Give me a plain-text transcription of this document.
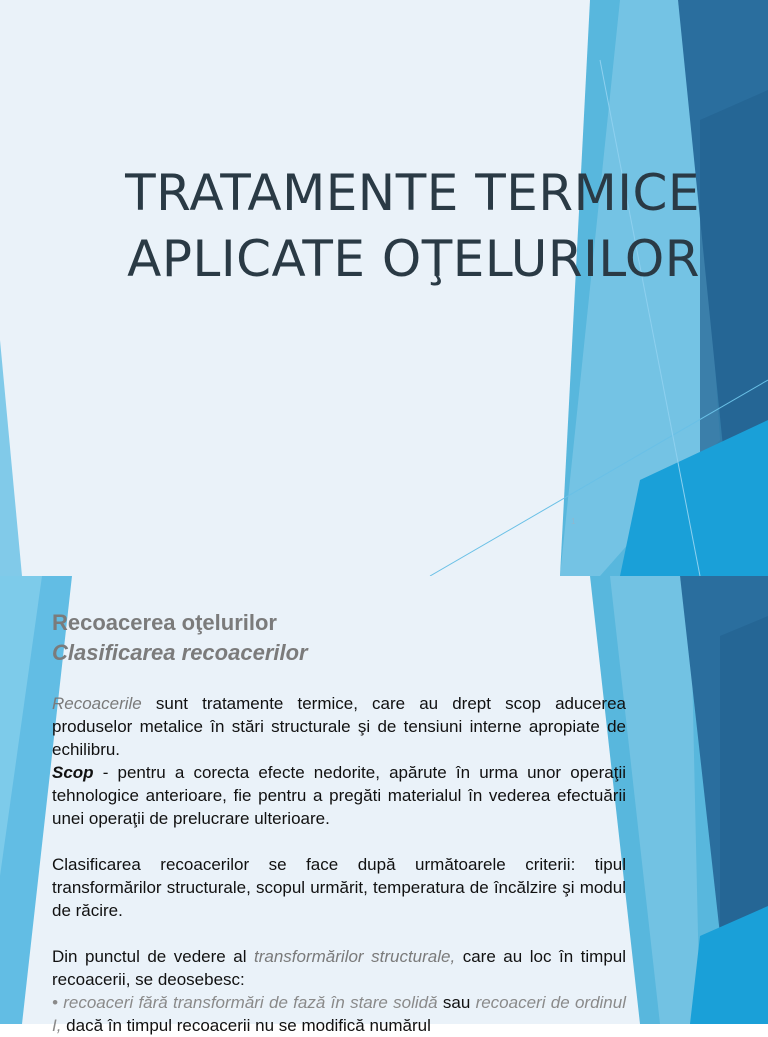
TRATAMENTE TERMICE
APLICATE OŢELURILOR
1
Recoacerea oţelurilor
Clasificarea recoacerilor

Recoacerile sunt tratamente termice, care au drept scop aducerea produselor metalice în stări structurale şi de tensiuni interne apropiate de echilibru.

Scop - pentru a corecta efecte nedorite, apărute în urma unor operaţii tehnologice anterioare, fie pentru a pregăti materialul în vederea efectuării unei operaţii de prelucrare ulterioare.

Clasificarea recoacerilor se face după următoarele criterii: tipul transformărilor structurale, scopul urmărit, temperatura de încălzire şi modul de răcire.

Din punctul de vedere al transformărilor structurale, care au loc în timpul recoacerii, se deosebesc:

• recoaceri fără transformări de fază în stare solidă sau recoaceri de ordinul I, dacă în timpul recoacerii nu se modifică numărul
